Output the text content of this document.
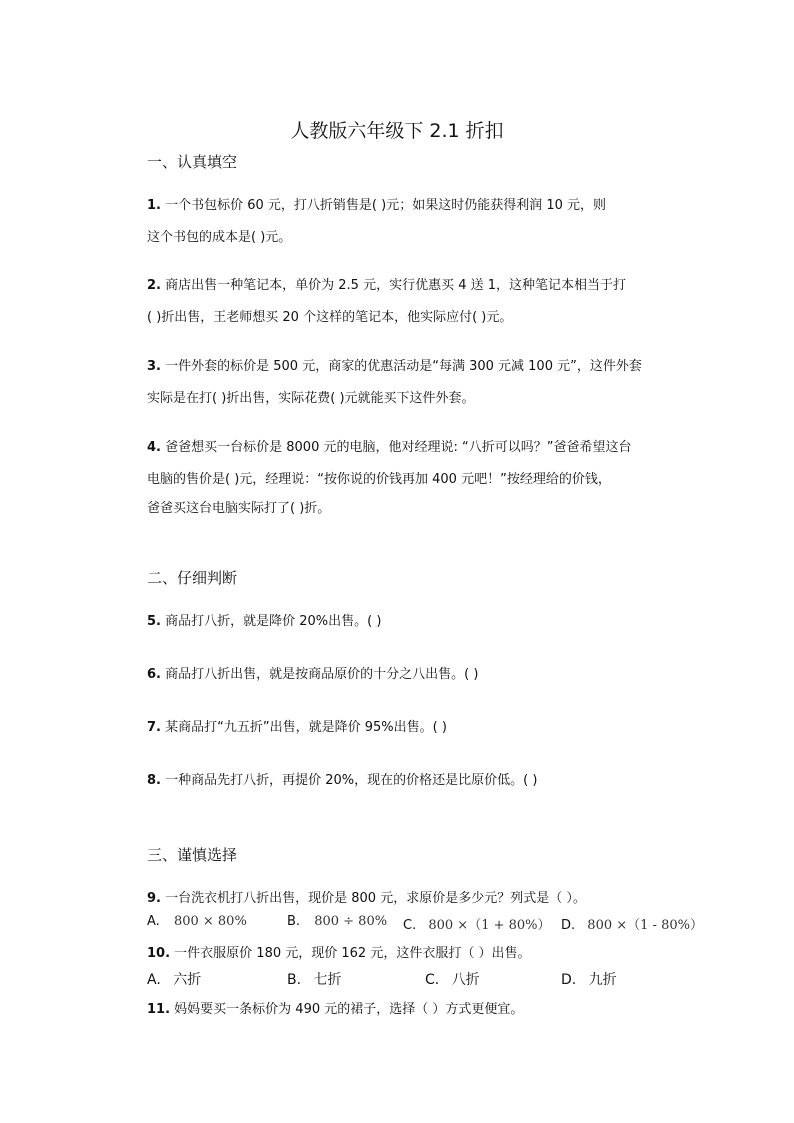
人教版六年级下 2.1 折扣
一、认真填空
1. 一个书包标价 60 元，打八折销售是( )元；如果这时仍能获得利润 10 元，则
这个书包的成本是( )元。
2. 商店出售一种笔记本，单价为 2.5 元，实行优惠买 4 送 1，这种笔记本相当于打
( )折出售，王老师想买 20 个这样的笔记本，他实际应付( )元。
3. 一件外套的标价是 500 元，商家的优惠活动是“每满 300 元减 100 元”，这件外套
实际是在打( )折出售，实际花费( )元就能买下这件外套。
4. 爸爸想买一台标价是 8000 元的电脑，他对经理说: “八折可以吗？”爸爸希望这台
电脑的售价是( )元，经理说：“按你说的价钱再加 400 元吧！”按经理给的价钱，
爸爸买这台电脑实际打了( )折。
二、仔细判断
5. 商品打八折，就是降价 20%出售。( )
6. 商品打八折出售，就是按商品原价的十分之八出售。( )
7. 某商品打“九五折”出售，就是降价 95%出售。( )
8. 一种商品先打八折，再提价 20%，现在的价格还是比原价低。( )
三、谨慎选择
9. 一台洗衣机打八折出售，现价是 800 元，求原价是多少元？列式是（ ）。
A. 800 × 80%	B. 800 ÷ 80% C. 800 ×（1 + 80%） D. 800 ×（1 - 80%）
10. 一件衣服原价 180 元，现价 162 元，这件衣服打（ ）出售。
A. 六折	B. 七折	C. 八折	D. 九折
11. 妈妈要买一条标价为 490 元的裙子，选择（ ）方式更便宜。
